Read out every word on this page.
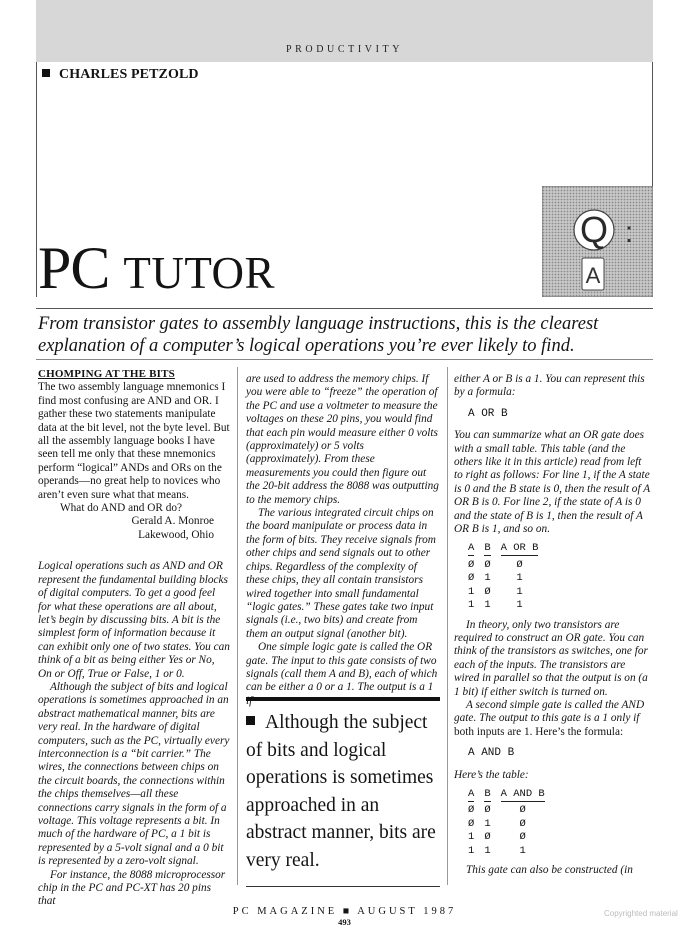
PRODUCTIVITY
CHARLES PETZOLD
PC TUTOR
Q :
A
From transistor gates to assembly language instructions, this is the clearest explanation of a computer’s logical operations you’re ever likely to find.

CHOMPING AT THE BITS

The two assembly language mnemonics I find most confusing are AND and OR. I gather these two statements manipulate data at the bit level, not the byte level. But all the assembly language books I have seen tell me only that these mnemonics perform “logical” ANDs and ORs on the operands—no great help to novices who aren’t even sure what that means.

What do AND and OR do?

Gerald A. Monroe

Lakewood, Ohio

Logical operations such as AND and OR represent the fundamental building blocks of digital computers. To get a good feel for what these operations are all about, let’s begin by discussing bits. A bit is the simplest form of information because it can exhibit only one of two states. You can think of a bit as being either Yes or No, On or Off, True or False, 1 or 0.

Although the subject of bits and logical operations is sometimes approached in an abstract mathematical manner, bits are very real. In the hardware of digital computers, such as the PC, virtually every interconnection is a “bit carrier.” The wires, the connections between chips on the circuit boards, the connections within the chips themselves—all these connections carry signals in the form of a voltage. This voltage represents a bit. In much of the hardware of PC, a 1 bit is represented by a 5-volt signal and a 0 bit is represented by a zero-volt signal.

For instance, the 8088 microprocessor chip in the PC and PC-XT has 20 pins that

are used to address the memory chips. If you were able to “freeze” the operation of the PC and use a voltmeter to measure the voltages on these 20 pins, you would find that each pin would measure either 0 volts (approximately) or 5 volts (approximately). From these measurements you could then figure out the 20-bit address the 8088 was outputting to the memory chips.

The various integrated circuit chips on the board manipulate or process data in the form of bits. They receive signals from other chips and send signals out to other chips. Regardless of the complexity of these chips, they all contain transistors wired together into small fundamental “logic gates.” These gates take two input signals (i.e., two bits) and create from them an output signal (another bit).

One simple logic gate is called the OR gate. The input to this gate consists of two signals (call them A and B), each of which can be either a 0 or a 1. The output is a 1

Although the subject of bits and logical operations is sometimes approached in an abstract manner, bits are very real.

either A or B is a 1. You can represent this by a formula:

A OR B

You can summarize what an OR gate does with a small table. This table (and the others like it in this article) read from left to right as follows: For line 1, if the A state is 0 and the B state is 0, then the result of A OR B is 0. For line 2, if the state of A is 0 and the state of B is 1, then the result of A OR B is 1, and so on.

A	B	A OR B
Ø	Ø	Ø
Ø	1	1
1	Ø	1
1	1	1

In theory, only two transistors are required to construct an OR gate. You can think of the transistors as switches, one for each of the inputs. The transistors are wired in parallel so that the output is on (a 1 bit) if either switch is turned on.

A second simple gate is called the AND gate. The output to this gate is a 1 only if

both inputs are 1. Here’s the formula:

A AND B

Here’s the table:

A	B	A AND B
Ø	Ø	Ø
Ø	1	Ø
1	Ø	Ø
1	1	1

This gate can also be constructed (in

PC MAGAZINE ■ AUGUST 1987
493
Copyrighted material
